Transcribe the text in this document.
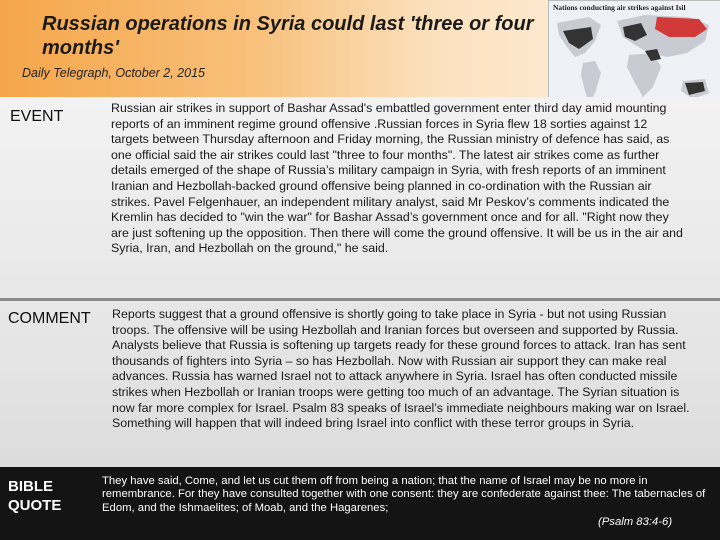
Russian operations in Syria could last 'three or four months'
Daily Telegraph, October 2, 2015
Nations conducting air strikes against Isil
EVENT	Russian air strikes in support of Bashar Assad's embattled government enter third day amid mounting reports of an imminent regime ground offensive .Russian forces in Syria flew 18 sorties against 12 targets between Thursday afternoon and Friday morning, the Russian ministry of defence has said, as one official said the air strikes could last "three to four months". The latest air strikes come as further details emerged of the shape of Russia’s military campaign in Syria, with fresh reports of an imminent Iranian and Hezbollah-backed ground offensive being planned in co-ordination with the Russian air strikes. Pavel Felgenhauer, an independent military analyst, said Mr Peskov’s comments indicated the Kremlin has decided to "win the war" for Bashar Assad’s government once and for all. "Right now they are just softening up the opposition. Then there will come the ground offensive. It will be us in the air and Syria, Iran, and Hezbollah on the ground," he said.
COMMENT Reports suggest that a ground offensive is shortly going to take place in Syria - but not using Russian troops. The offensive will be using Hezbollah and Iranian forces but overseen and supported by Russia. Analysts believe that Russia is softening up targets ready for these ground forces to attack. Iran has sent thousands of fighters into Syria – so has Hezbollah. Now with Russian air support they can make real advances. Russia has warned Israel not to attack anywhere in Syria. Israel has often conducted missile strikes when Hezbollah or Iranian troops were getting too much of an advantage. The Syrian situation is now far more complex for Israel. Psalm 83 speaks of Israel’s immediate neighbours making war on Israel. Something will happen that will indeed bring Israel into conflict with these terror groups in Syria.
BIBLE
QUOTE
They have said, Come, and let us cut them off from being a nation; that the name of Israel may be no more in remembrance. For they have consulted together with one consent: they are confederate against thee: The tabernacles of Edom, and the Ishmaelites; of Moab, and the Hagarenes;
(Psalm 83:4-6)
